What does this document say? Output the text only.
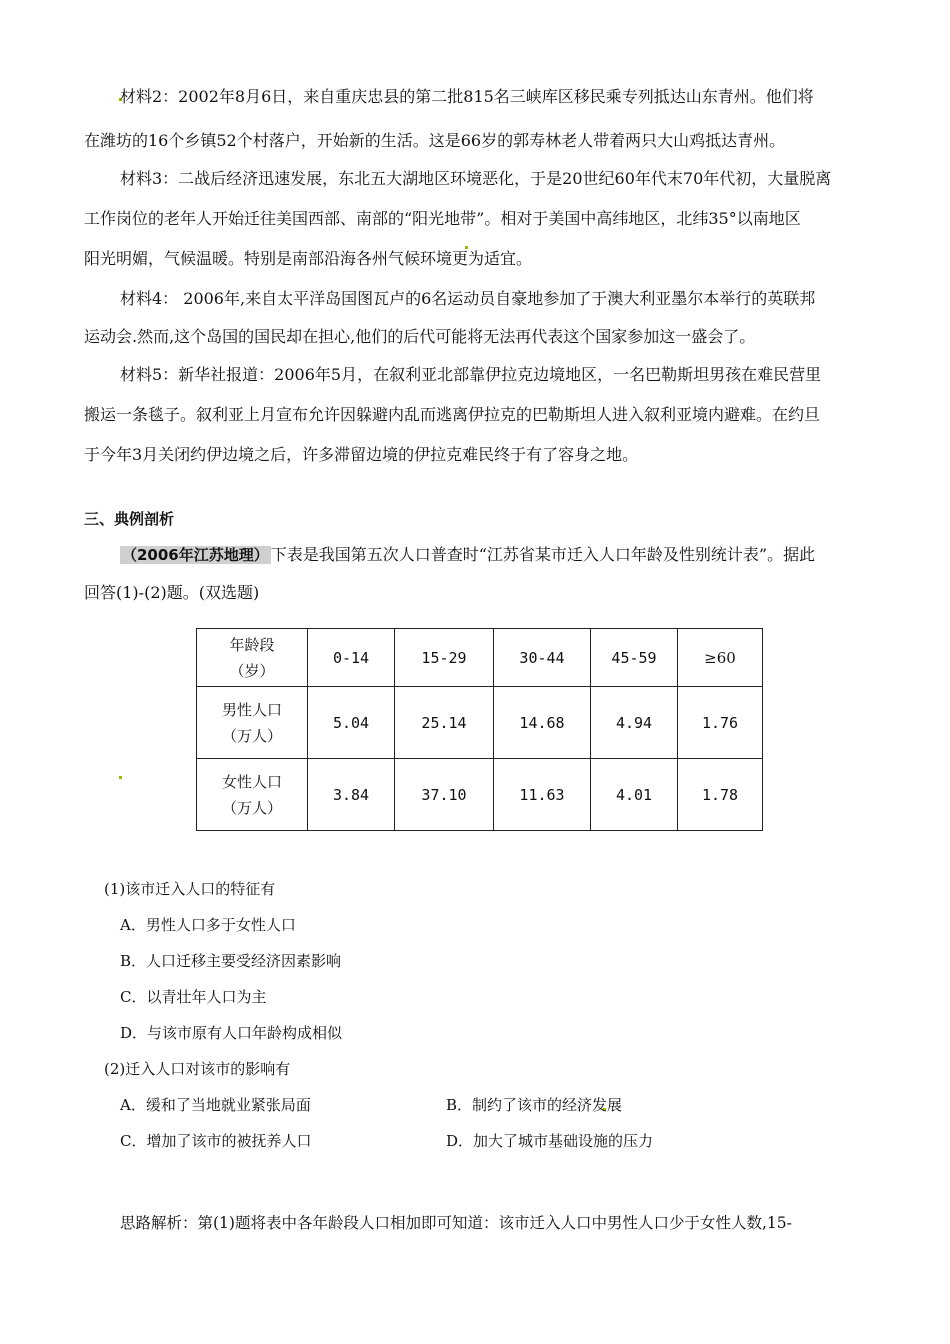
材料2：2002年8月6日，来自重庆忠县的第二批815名三峡库区移民乘专列抵达山东青州。他们将
在潍坊的16个乡镇52个村落户，开始新的生活。这是66岁的郭寿林老人带着两只大山鸡抵达青州。
材料3：二战后经济迅速发展，东北五大湖地区环境恶化，于是20世纪60年代末70年代初，大量脱离
工作岗位的老年人开始迁往美国西部、南部的“阳光地带”。相对于美国中高纬地区，北纬35°以南地区
阳光明媚，气候温暖。特别是南部沿海各州气候环境更为适宜。
材料4： 2006年,来自太平洋岛国图瓦卢的6名运动员自豪地参加了于澳大利亚墨尔本举行的英联邦
运动会.然而,这个岛国的国民却在担心,他们的后代可能将无法再代表这个国家参加这一盛会了。
材料5：新华社报道：2006年5月，在叙利亚北部靠伊拉克边境地区，一名巴勒斯坦男孩在难民营里
搬运一条毯子。叙利亚上月宣布允许因躲避内乱而逃离伊拉克的巴勒斯坦人进入叙利亚境内避难。在约旦
于今年3月关闭约伊边境之后，许多滞留边境的伊拉克难民终于有了容身之地。
三、典例剖析
（2006年江苏地理） 下表是我国第五次人口普查时“江苏省某市迁入人口年龄及性别统计表”。据此
回答(1)-(2)题。(双选题)
年龄段
（岁）	0-14	15-29	30-44	45-59	≥60

男性人口
（万人）	5.04	25.14	14.68	4.94	1.76

女性人口
（万人）	3.84	37.10	11.63	4.01	1.78
(1)该市迁入人口的特征有
A．男性人口多于女性人口
B．人口迁移主要受经济因素影响
C．以青壮年人口为主
D．与该市原有人口年龄构成相似
(2)迁入人口对该市的影响有
A．缓和了当地就业紧张局面	B．制约了该市的经济发展
C．增加了该市的被抚养人口	D．加大了城市基础设施的压力
思路解析：第(1)题将表中各年龄段人口相加即可知道：该市迁入人口中男性人口少于女性人数,15-
